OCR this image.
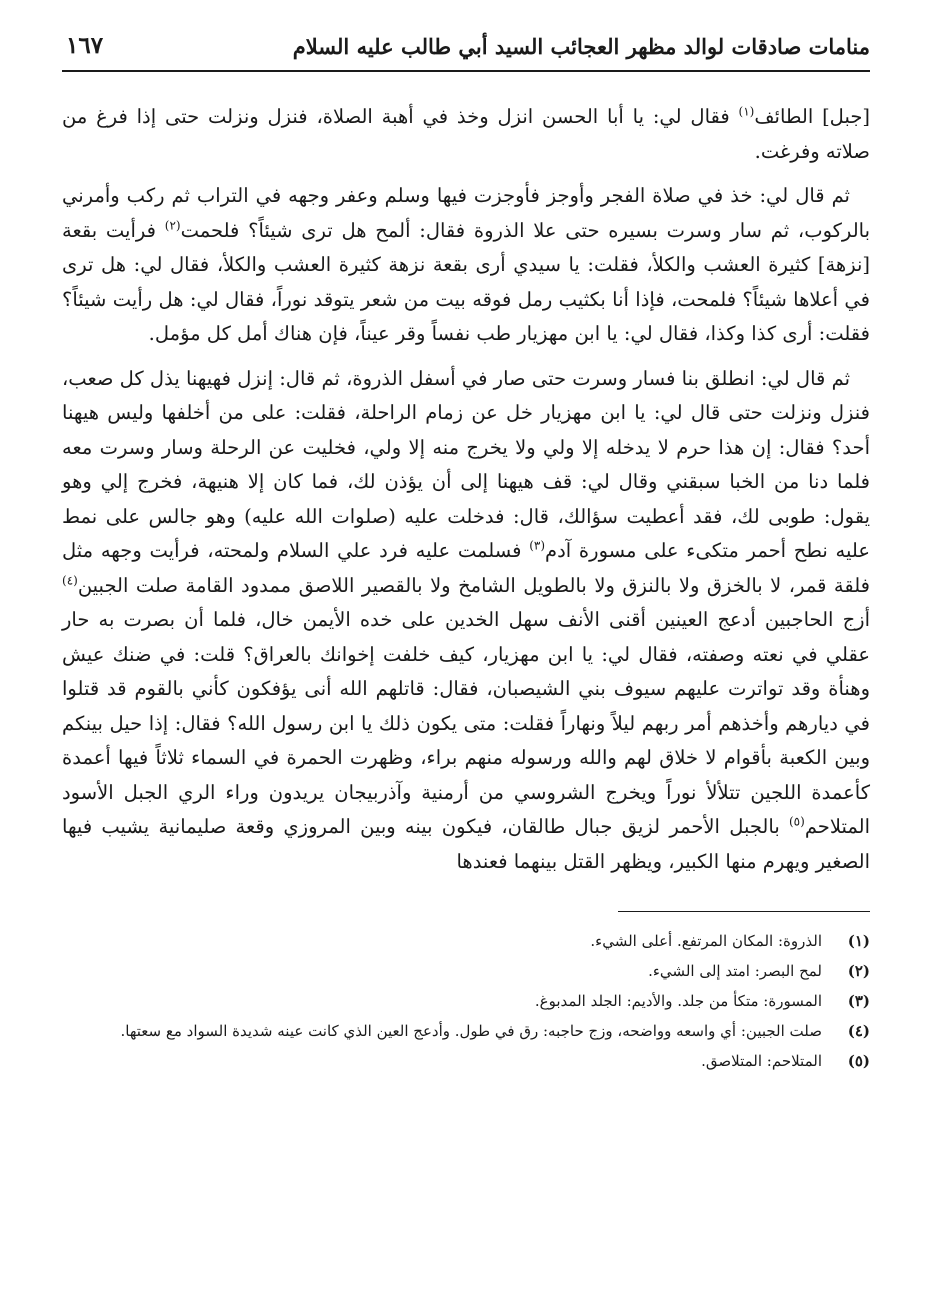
منامات صادقات لوالد مظهر العجائب السيد أبي طالب عليه السلام
١٦٧

[جبل] الطائف$^{(١)}$ فقال لي: يا أبا الحسن انزل وخذ في أهبة الصلاة، فنزل ونزلت حتى إذا فرغ من صلاته وفرغت.

ثم قال لي: خذ في صلاة الفجر وأوجز فأوجزت فيها وسلم وعفر وجهه في التراب ثم ركب وأمرني بالركوب، ثم سار وسرت بسيره حتى علا الذروة فقال: ألمح هل ترى شيئاً؟ فلحمت$^{(٢)}$ فرأيت بقعة [نزهة] كثيرة العشب والكلأ، فقلت: يا سيدي أرى بقعة نزهة كثيرة العشب والكلأ، فقال لي: هل ترى في أعلاها شيئاً؟ فلمحت، فإذا أنا بكثيب رمل فوقه بيت من شعر يتوقد نوراً، فقال لي: هل رأيت شيئاً؟ فقلت: أرى كذا وكذا، فقال لي: يا ابن مهزيار طب نفساً وقر عيناً، فإن هناك أمل كل مؤمل.

ثم قال لي: انطلق بنا فسار وسرت حتى صار في أسفل الذروة، ثم قال: إنزل فهيهنا يذل كل صعب، فنزل ونزلت حتى قال لي: يا ابن مهزيار خل عن زمام الراحلة، فقلت: على من أخلفها وليس هيهنا أحد؟ فقال: إن هذا حرم لا يدخله إلا ولي ولا يخرج منه إلا ولي، فخليت عن الرحلة وسار وسرت معه فلما دنا من الخبا سبقني وقال لي: قف هيهنا إلى أن يؤذن لك، فما كان إلا هنيهة، فخرج إلي وهو يقول: طوبى لك، فقد أعطيت سؤالك، قال: فدخلت عليه (صلوات الله عليه) وهو جالس على نمط عليه نطح أحمر متكىء على مسورة آدم$^{(٣)}$ فسلمت عليه فرد علي السلام ولمحته، فرأيت وجهه مثل فلقة قمر، لا بالخزق ولا بالنزق ولا بالطويل الشامخ ولا بالقصير اللاصق ممدود القامة صلت الجبين$^{(٤)}$ أزج الحاجبين أدعج العينين أقنى الأنف سهل الخدين على خده الأيمن خال، فلما أن بصرت به حار عقلي في نعته وصفته، فقال لي: يا ابن مهزيار، كيف خلفت إخوانك بالعراق؟ قلت: في ضنك عيش وهنأة وقد تواترت عليهم سيوف بني الشيصبان، فقال: قاتلهم الله أنى يؤفكون كأني بالقوم قد قتلوا في ديارهم وأخذهم أمر ربهم ليلاً ونهاراً فقلت: متى يكون ذلك يا ابن رسول الله؟ فقال: إذا حيل بينكم وبين الكعبة بأقوام لا خلاق لهم والله ورسوله منهم براء، وظهرت الحمرة في السماء ثلاثاً فيها أعمدة كأعمدة اللجين تتلألأ نوراً ويخرج الشروسي من أرمنية وآذربيجان يريدون وراء الري الجبل الأسود المتلاحم$^{(٥)}$ بالجبل الأحمر لزيق جبال طالقان، فيكون بينه وبين المروزي وقعة صليمانية يشيب فيها الصغير ويهرم منها الكبير، ويظهر القتل بينهما فعندها

(١)
الذروة: المكان المرتفع. أعلى الشيء.
(٢)
لمح البصر: امتد إلى الشيء.
(٣)
المسورة: متكأ من جلد. والأديم: الجلد المدبوغ.
(٤)
صلت الجبين: أي واسعه وواضحه، وزج حاجبه: رق في طول. وأدعج العين الذي كانت عينه شديدة السواد مع سعتها.
(٥)
المتلاحم: المتلاصق.
